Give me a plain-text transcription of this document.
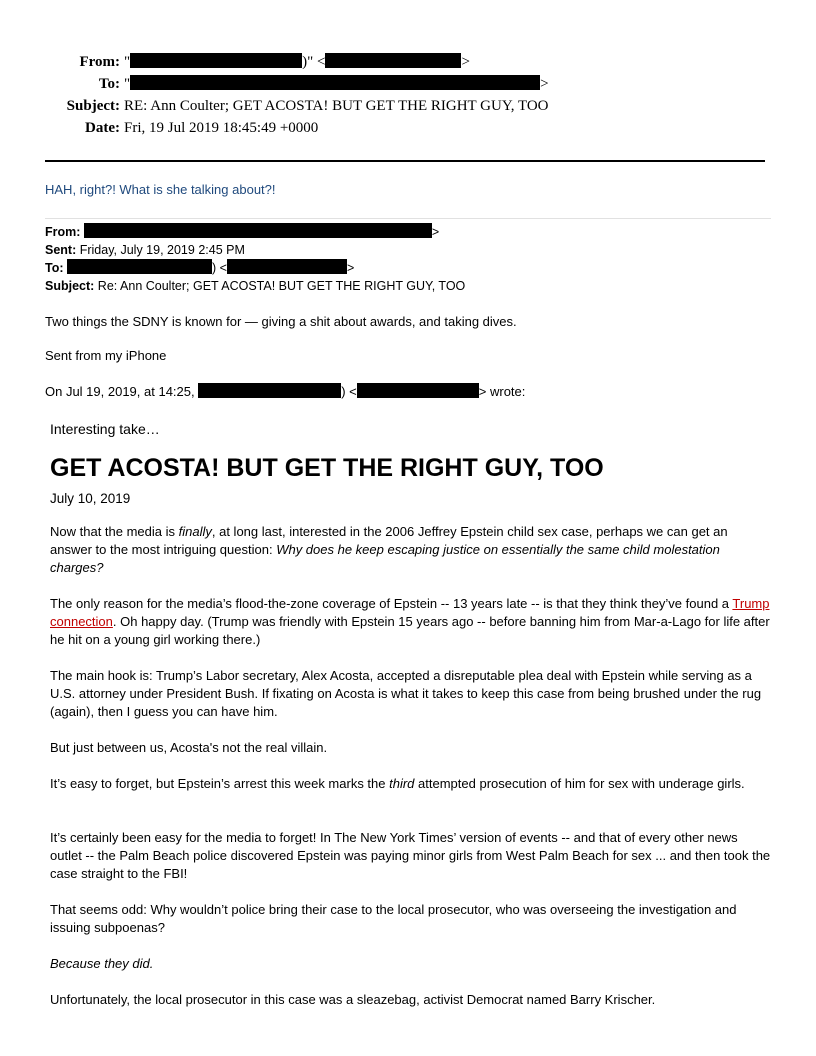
From: "	)" <	>
To: "	>
Subject: RE: Ann Coulter; GET ACOSTA! BUT GET THE RIGHT GUY, TOO
Date: Fri, 19 Jul 2019 18:45:49 +0000
HAH, right?! What is she talking about?!
From:	>
Sent: Friday, July 19, 2019 2:45 PM
To:	) <	>
Subject: Re: Ann Coulter; GET ACOSTA! BUT GET THE RIGHT GUY, TOO
Two things the SDNY is known for — giving a shit about awards, and taking dives.
Sent from my iPhone
On Jul 19, 2019, at 14:25,	) <	> wrote:
Interesting take…
GET ACOSTA! BUT GET THE RIGHT GUY, TOO
July 10, 2019

Now that the media is finally, at long last, interested in the 2006 Jeffrey Epstein child sex case, perhaps we can get an answer to the most intriguing question: Why does he keep escaping justice on essentially the same child molestation charges?

The only reason for the media’s flood-the-zone coverage of Epstein -- 13 years late -- is that they think they’ve found a Trump connection. Oh happy day. (Trump was friendly with Epstein 15 years ago -- before banning him from Mar-a-Lago for life after he hit on a young girl working there.)

The main hook is: Trump’s Labor secretary, Alex Acosta, accepted a disreputable plea deal with Epstein while serving as a U.S. attorney under President Bush. If fixating on Acosta is what it takes to keep this case from being brushed under the rug (again), then I guess you can have him.

But just between us, Acosta's not the real villain.

It’s easy to forget, but Epstein’s arrest this week marks the third attempted prosecution of him for sex with underage girls.

It’s certainly been easy for the media to forget! In The New York Times’ version of events -- and that of every other news outlet -- the Palm Beach police discovered Epstein was paying minor girls from West Palm Beach for sex ... and then took the case straight to the FBI!

That seems odd: Why wouldn’t police bring their case to the local prosecutor, who was overseeing the investigation and issuing subpoenas?

Because they did.

Unfortunately, the local prosecutor in this case was a sleazebag, activist Democrat named Barry Krischer.
